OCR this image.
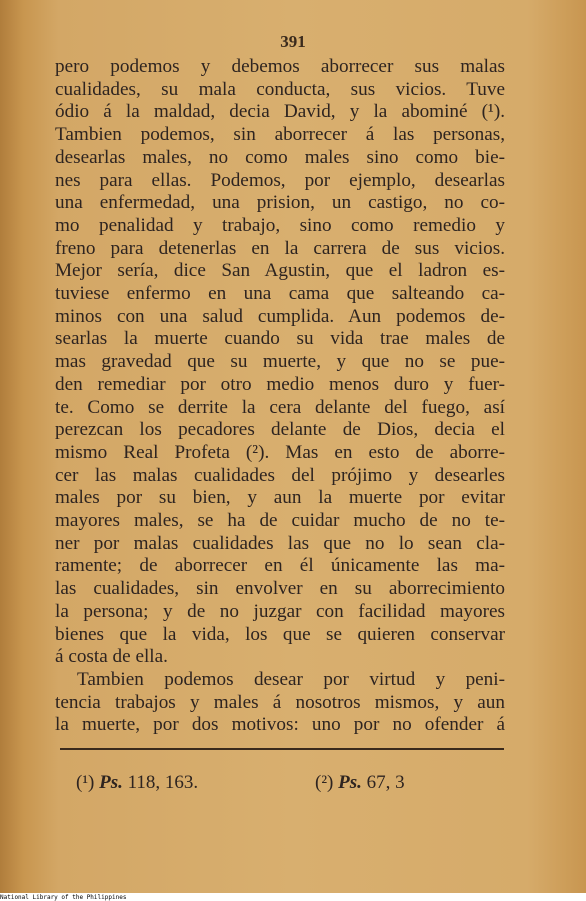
391
pero podemos y debemos aborrecer sus malas
cualidades, su mala conducta, sus vicios. Tuve
ódio á la maldad, decia David, y la abominé (¹).
Tambien podemos, sin aborrecer á las personas,
desearlas males, no como males sino como bie-
nes para ellas. Podemos, por ejemplo, desearlas
una enfermedad, una prision, un castigo, no co-
mo penalidad y trabajo, sino como remedio y
freno para detenerlas en la carrera de sus vicios.
Mejor sería, dice San Agustin, que el ladron es-
tuviese enfermo en una cama que salteando ca-
minos con una salud cumplida. Aun podemos de-
searlas la muerte cuando su vida trae males de
mas gravedad que su muerte, y que no se pue-
den remediar por otro medio menos duro y fuer-
te. Como se derrite la cera delante del fuego, así
perezcan los pecadores delante de Dios, decia el
mismo Real Profeta (²). Mas en esto de aborre-
cer las malas cualidades del prójimo y desearles
males por su bien, y aun la muerte por evitar
mayores males, se ha de cuidar mucho de no te-
ner por malas cualidades las que no lo sean cla-
ramente; de aborrecer en él únicamente las ma-
las cualidades, sin envolver en su aborrecimiento
la persona; y de no juzgar con facilidad mayores
bienes que la vida, los que se quieren conservar
á costa de ella.
Tambien podemos desear por virtud y peni-
tencia trabajos y males á nosotros mismos, y aun
la muerte, por dos motivos: uno por no ofender á
(¹) Ps. 118, 163.	(²) Ps. 67, 3
National Library of the Philippines
